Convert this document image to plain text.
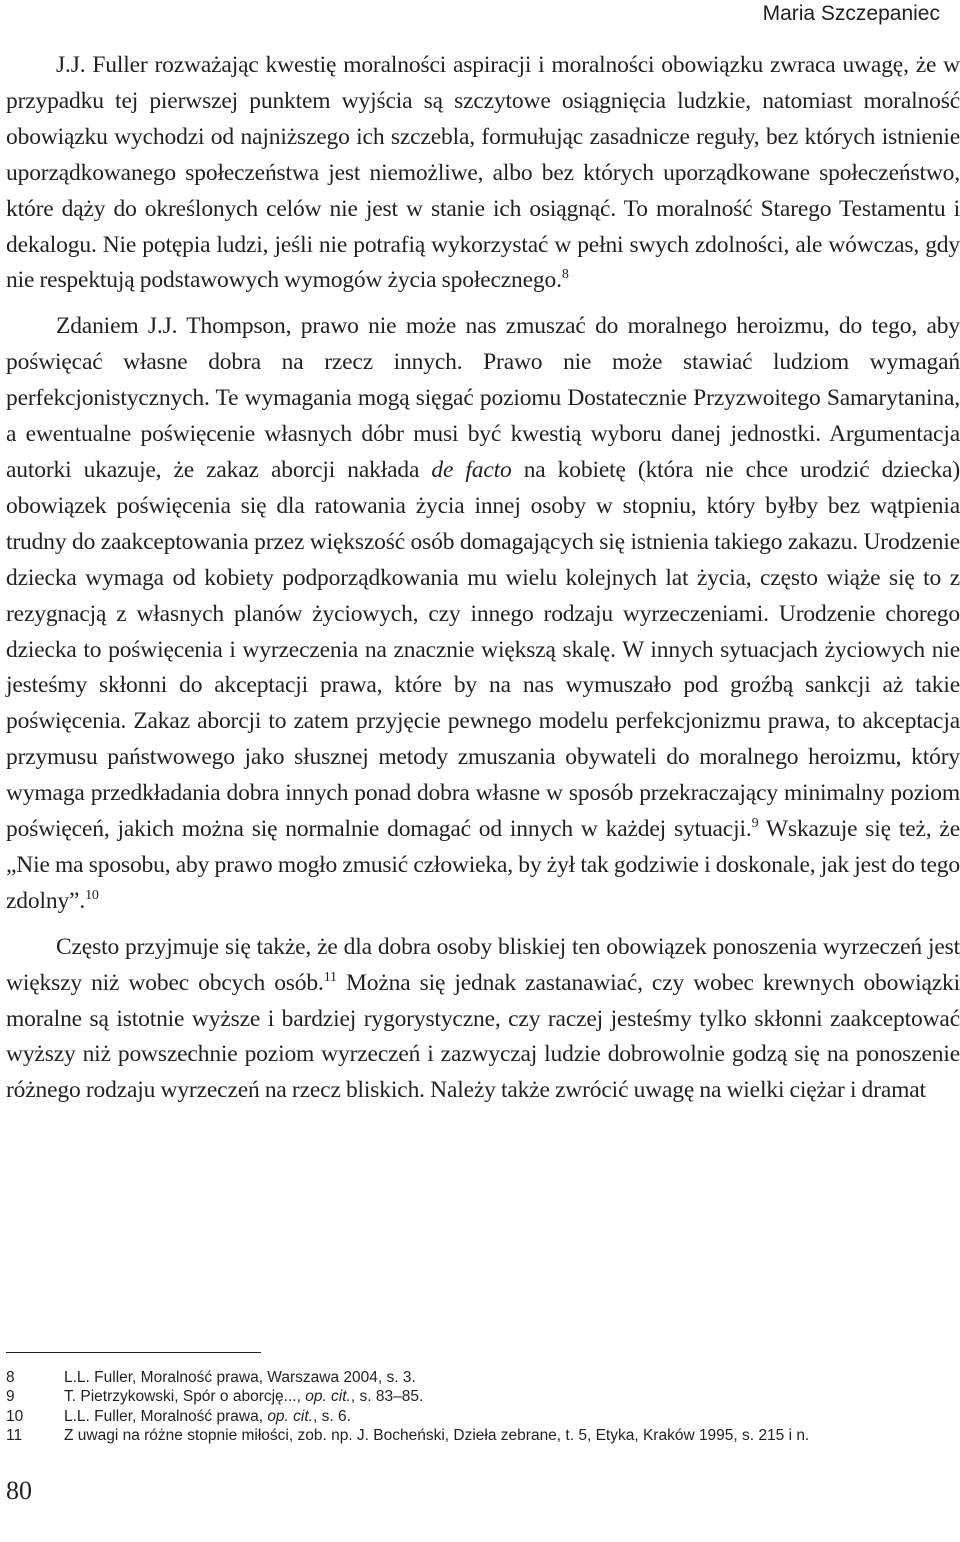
Maria Szczepaniec

J.J. Fuller rozważając kwestię moralności aspiracji i moralności obowiązku zwraca uwagę, że w przypadku tej pierwszej punktem wyjścia są szczytowe osiągnięcia ludzkie, natomiast moralność obowiązku wychodzi od najniższego ich szczebla, formułując zasadnicze reguły, bez których istnienie uporządkowanego społeczeństwa jest niemożliwe, albo bez których uporządkowane społeczeństwo, które dąży do określonych celów nie jest w stanie ich osiągnąć. To moralność Starego Testamentu i dekalogu. Nie potępia ludzi, jeśli nie potrafią wykorzystać w pełni swych zdolności, ale wówczas, gdy nie respektują podstawowych wymogów życia społecznego.$^8$

Zdaniem J.J. Thompson, prawo nie może nas zmuszać do moralnego heroizmu, do tego, aby poświęcać własne dobra na rzecz innych. Prawo nie może stawiać ludziom wymagań perfekcjonistycznych. Te wymagania mogą sięgać poziomu Dostatecznie Przyzwoitego Samarytanina, a ewentualne poświęcenie własnych dóbr musi być kwestią wyboru danej jednostki. Argumentacja autorki ukazuje, że zakaz aborcji nakłada de facto na kobietę (która nie chce urodzić dziecka) obowiązek poświęcenia się dla ratowania życia innej osoby w stopniu, który byłby bez wątpienia trudny do zaakceptowania przez większość osób domagających się istnienia takiego zakazu. Urodzenie dziecka wymaga od kobiety podporządkowania mu wielu kolejnych lat życia, często wiąże się to z rezygnacją z własnych planów życiowych, czy innego rodzaju wyrzeczeniami. Urodzenie chorego dziecka to poświęcenia i wyrzeczenia na znacznie większą skalę. W innych sytuacjach życiowych nie jesteśmy skłonni do akceptacji prawa, które by na nas wymuszało pod groźbą sankcji aż takie poświęcenia. Zakaz aborcji to zatem przyjęcie pewnego modelu perfekcjonizmu prawa, to akceptacja przymusu państwowego jako słusznej metody zmuszania obywateli do moralnego heroizmu, który wymaga przedkładania dobra innych ponad dobra własne w sposób przekraczający minimalny poziom poświęceń, jakich można się normalnie domagać od innych w każdej sytuacji.$^9$ Wskazuje się też, że „Nie ma sposobu, aby prawo mogło zmusić człowieka, by żył tak godziwie i doskonale, jak jest do tego zdolny”.$^{10}$

Często przyjmuje się także, że dla dobra osoby bliskiej ten obowiązek ponoszenia wyrzeczeń jest większy niż wobec obcych osób.$^{11}$ Można się jednak zastanawiać, czy wobec krewnych obowiązki moralne są istotnie wyższe i bardziej rygorystyczne, czy raczej jesteśmy tylko skłonni zaakceptować wyższy niż powszechnie poziom wyrzeczeń i zazwyczaj ludzie dobrowolnie godzą się na ponoszenie różnego rodzaju wyrzeczeń na rzecz bliskich. Należy także zwrócić uwagę na wielki ciężar i dramat

8	L.L. Fuller, Moralność prawa, Warszawa 2004, s. 3.
9	T. Pietrzykowski, Spór o aborcję..., op. cit., s. 83–85.
10	L.L. Fuller, Moralność prawa, op. cit., s. 6.
11	Z uwagi na różne stopnie miłości, zob. np. J. Bocheński, Dzieła zebrane, t. 5, Etyka, Kraków 1995, s. 215 i n.
80
